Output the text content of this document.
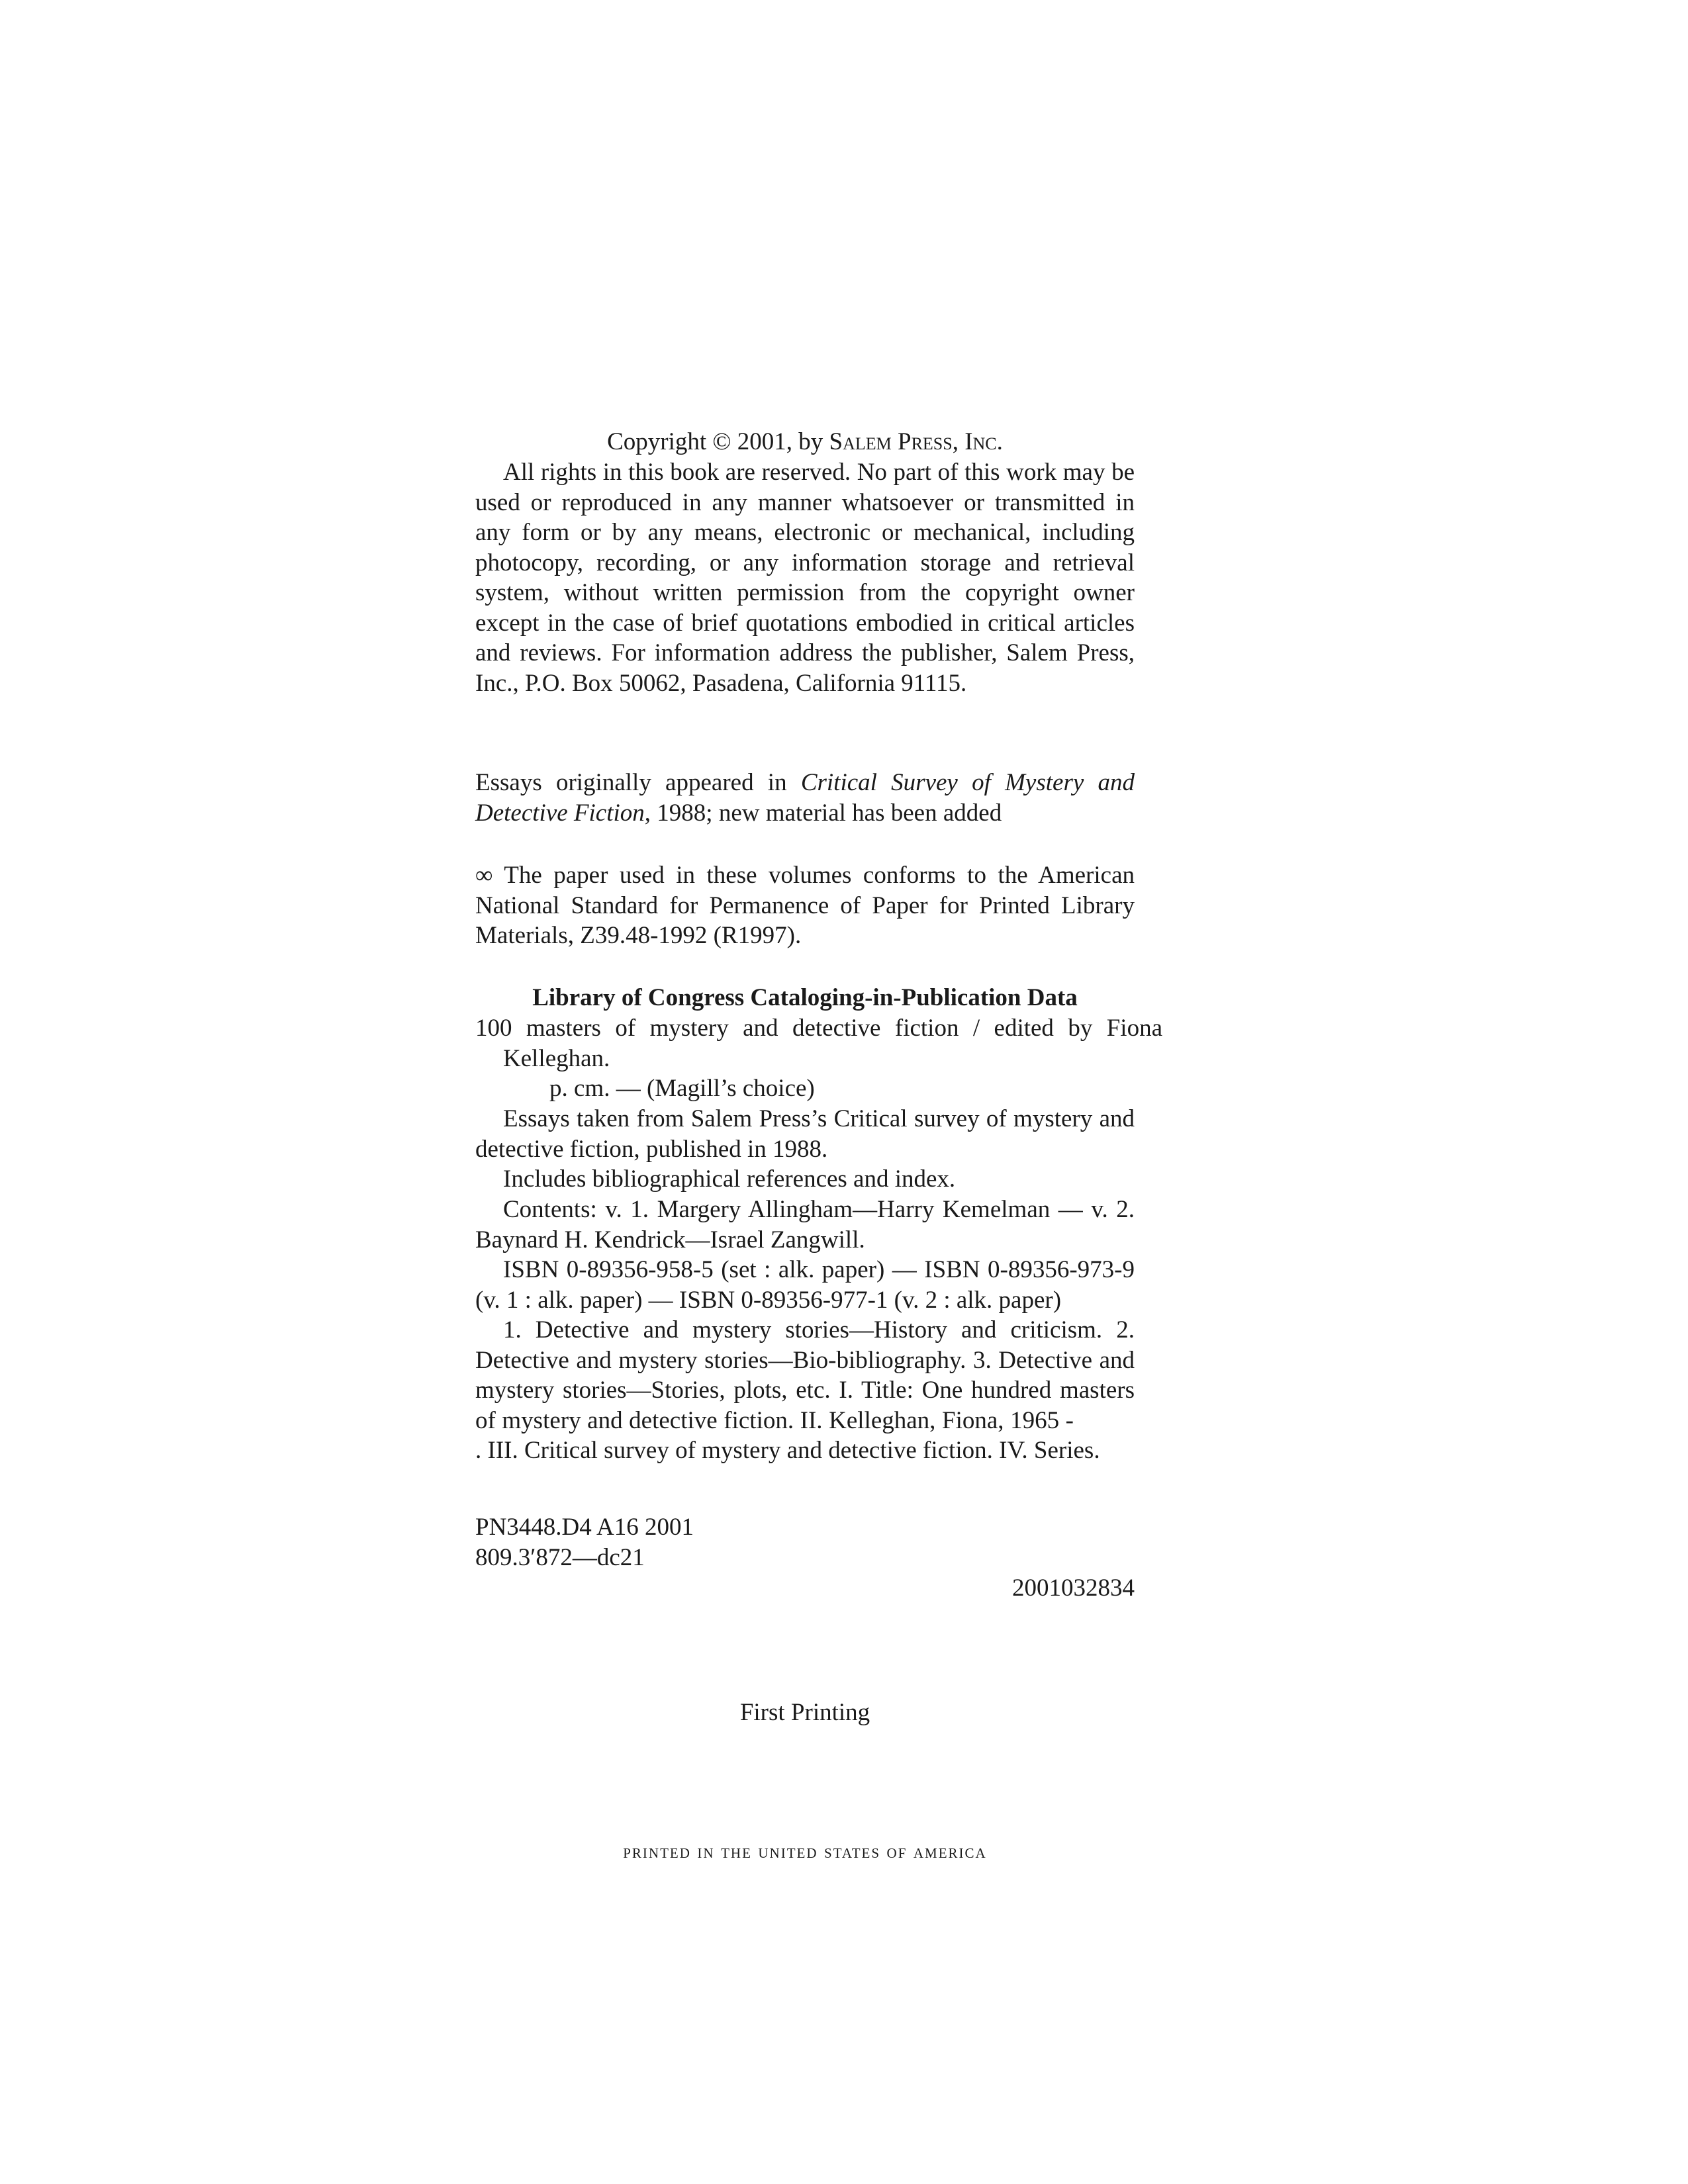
Copyright © 2001, by Salem Press, Inc.

All rights in this book are reserved. No part of this work may be used or reproduced in any manner whatsoever or transmitted in any form or by any means, electronic or mechanical, including photocopy, recording, or any information storage and retrieval system, without written permission from the copyright owner except in the case of brief quotations embodied in critical articles and reviews. For information address the publisher, Salem Press, Inc., P.O. Box 50062, Pasadena, California 91115.

Essays originally appeared in Critical Survey of Mystery and Detective Fiction, 1988; new material has been added

∞ The paper used in these volumes conforms to the American National Standard for Permanence of Paper for Printed Library Materials, Z39.48-1992 (R1997).

Library of Congress Cataloging-in-Publication Data

100 masters of mystery and detective fiction / edited by Fiona Kelleghan.

p. cm. — (Magill’s choice)

Essays taken from Salem Press’s Critical survey of mystery and detective fiction, published in 1988.

Includes bibliographical references and index.

Contents: v. 1. Margery Allingham—Harry Kemelman — v. 2. Baynard H. Kendrick—Israel Zangwill.

ISBN 0-89356-958-5 (set : alk. paper) — ISBN 0-89356-973-9 (v. 1 : alk. paper) — ISBN 0-89356-977-1 (v. 2 : alk. paper)

1. Detective and mystery stories—History and criticism. 2. Detective and mystery stories—Bio-bibliography. 3. Detective and mystery stories—Stories, plots, etc. I. Title: One hundred masters of mystery and detective fiction. II. Kelleghan, Fiona, 1965 -. III. Critical survey of mystery and detective fiction. IV. Series.

PN3448.D4 A16 2001
809.3′872—dc21
2001032834
First Printing
printed in the united states of america
